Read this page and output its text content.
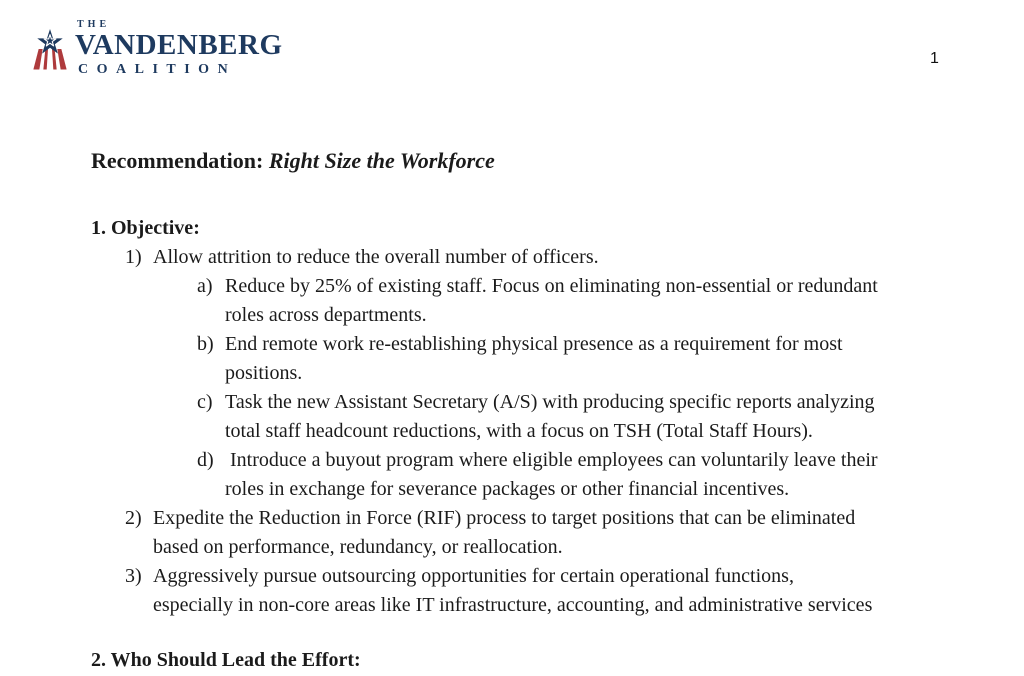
THE
VANDENBERG
COALITION
1
Recommendation: Right Size the Workforce
1. Objective:
1) Allow attrition to reduce the overall number of officers.
a) Reduce by 25% of existing staff. Focus on eliminating non-essential or redundant
roles across departments.
b) End remote work re-establishing physical presence as a requirement for most
positions.
c) Task the new Assistant Secretary (A/S) with producing specific reports analyzing
total staff headcount reductions, with a focus on TSH (Total Staff Hours).
d) Introduce a buyout program where eligible employees can voluntarily leave their
roles in exchange for severance packages or other financial incentives.
2) Expedite the Reduction in Force (RIF) process to target positions that can be eliminated
based on performance, redundancy, or reallocation.
3) Aggressively pursue outsourcing opportunities for certain operational functions,
especially in non-core areas like IT infrastructure, accounting, and administrative services
2. Who Should Lead the Effort:
